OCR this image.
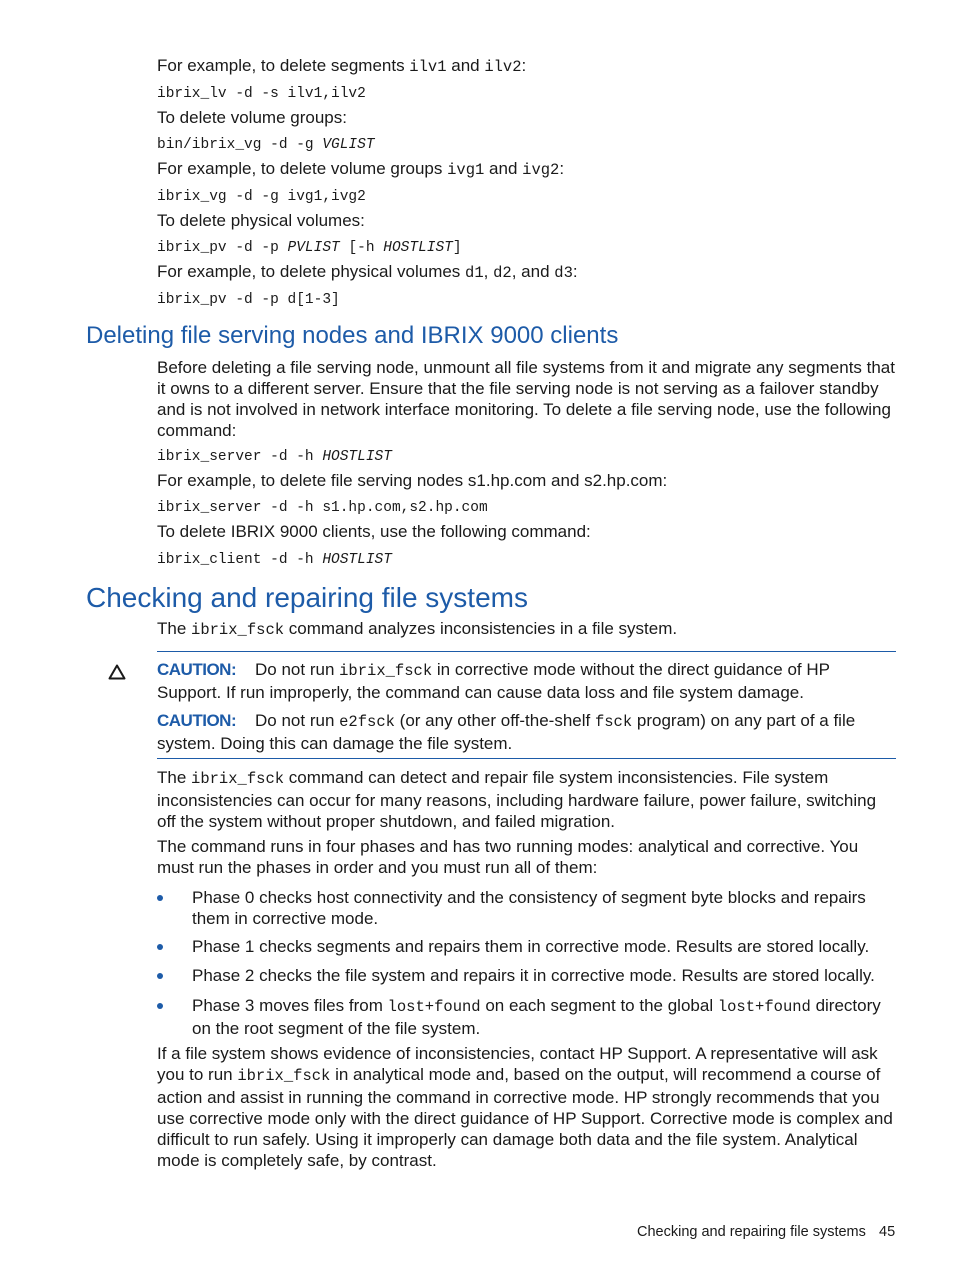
For example, to delete segments ilv1 and ilv2:

ibrix_lv -d -s ilv1,ilv2

To delete volume groups:

bin/ibrix_vg -d -g VGLIST

For example, to delete volume groups ivg1 and ivg2:

ibrix_vg -d -g ivg1,ivg2

To delete physical volumes:

ibrix_pv -d -p PVLIST [-h HOSTLIST]

For example, to delete physical volumes d1, d2, and d3:

ibrix_pv -d -p d[1-3]

Deleting file serving nodes and IBRIX 9000 clients

Before deleting a file serving node, unmount all file systems from it and migrate any segments that it owns to a different server. Ensure that the file serving node is not serving as a failover standby and is not involved in network interface monitoring. To delete a file serving node, use the following command:

ibrix_server -d -h HOSTLIST

For example, to delete file serving nodes s1.hp.com and s2.hp.com:

ibrix_server -d -h s1.hp.com,s2.hp.com

To delete IBRIX 9000 clients, use the following command:

ibrix_client -d -h HOSTLIST

Checking and repairing file systems

The ibrix_fsck command analyzes inconsistencies in a file system.

CAUTION: Do not run ibrix_fsck in corrective mode without the direct guidance of HP Support. If run improperly, the command can cause data loss and file system damage.

CAUTION: Do not run e2fsck (or any other off-the-shelf fsck program) on any part of a file system. Doing this can damage the file system.

The ibrix_fsck command can detect and repair file system inconsistencies. File system inconsistencies can occur for many reasons, including hardware failure, power failure, switching off the system without proper shutdown, and failed migration.

The command runs in four phases and has two running modes: analytical and corrective. You must run the phases in order and you must run all of them:

Phase 0 checks host connectivity and the consistency of segment byte blocks and repairs them in corrective mode.

Phase 1 checks segments and repairs them in corrective mode. Results are stored locally.

Phase 2 checks the file system and repairs it in corrective mode. Results are stored locally.

Phase 3 moves files from lost+found on each segment to the global lost+found directory on the root segment of the file system.

If a file system shows evidence of inconsistencies, contact HP Support. A representative will ask you to run ibrix_fsck in analytical mode and, based on the output, will recommend a course of action and assist in running the command in corrective mode. HP strongly recommends that you use corrective mode only with the direct guidance of HP Support. Corrective mode is complex and difficult to run safely. Using it improperly can damage both data and the file system. Analytical mode is completely safe, by contrast.

Checking and repairing file systems 45
